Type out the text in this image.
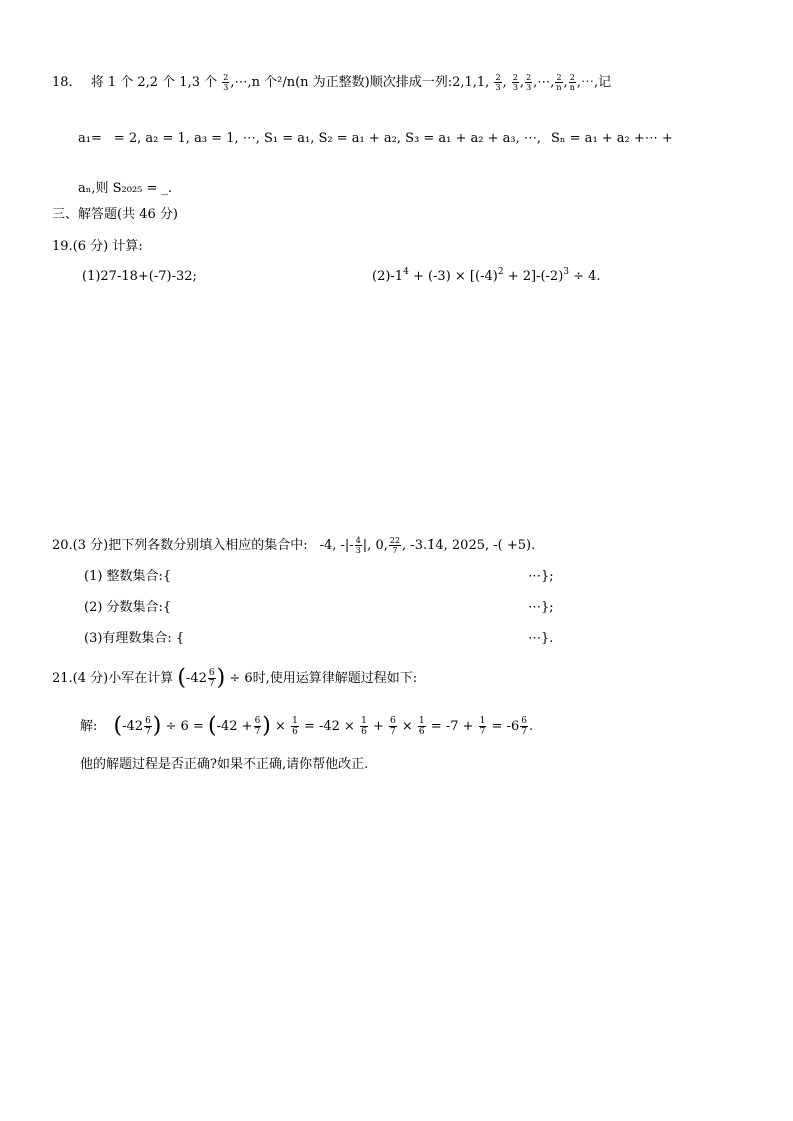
18. 将 1 个 2,2 个 1,3 个 $\frac{2}{3}$ ,⋯,n 个²/n(n 为正整数)顺次排成一列:2,1,1, $\frac{2}{3}$ , $\frac{2}{3}$ , $\frac{2}{3}$ ,⋯, $\frac{2}{n}$ , $\frac{2}{n}$ ,⋯,记
a₁= = 2, a₂ = 1, a₃ = 1, ⋯, S₁ = a₁, S₂ = a₁ + a₂, S₃ = a₁ + a₂ + a₃, ⋯, Sₙ = a₁ + a₂ +⋯ +
aₙ,则 S₂₀₂₅ = _.
三、解答题(共 46 分)
19.(6 分) 计算:
(1)27-18+(-7)-32;	$(2)-1^4 + (-3) \times [(-4)^2 + 2]-(-2)^3 \div 4$.
20.(3 分)把下列各数分别填入相应的集合中: -4, -|- $\frac{4}{3}$ |, 0, $\frac{22}{7}$ , -3.1̇4̇, 2025, -( +5).
(1) 整数集合:{	⋯};
(2) 分数集合:{	⋯};
(3)有理数集合: {	⋯}.
21.(4 分)小军在计算 ($-42 \frac{6}{7}$ ) ÷ 6时,使用运算律解题过程如下:
解: ($-42 \frac{6}{7}$ ) ÷ $6 = (-42 + \frac{6}{7}$ ) × $\frac{1}{6} = -42 \times \frac{1}{6} + \frac{6}{7} \times \frac{1}{6} = -7 + \frac{1}{7} = -6 \frac{6}{7}$ .
他的解题过程是否正确?如果不正确,请你帮他改正.
